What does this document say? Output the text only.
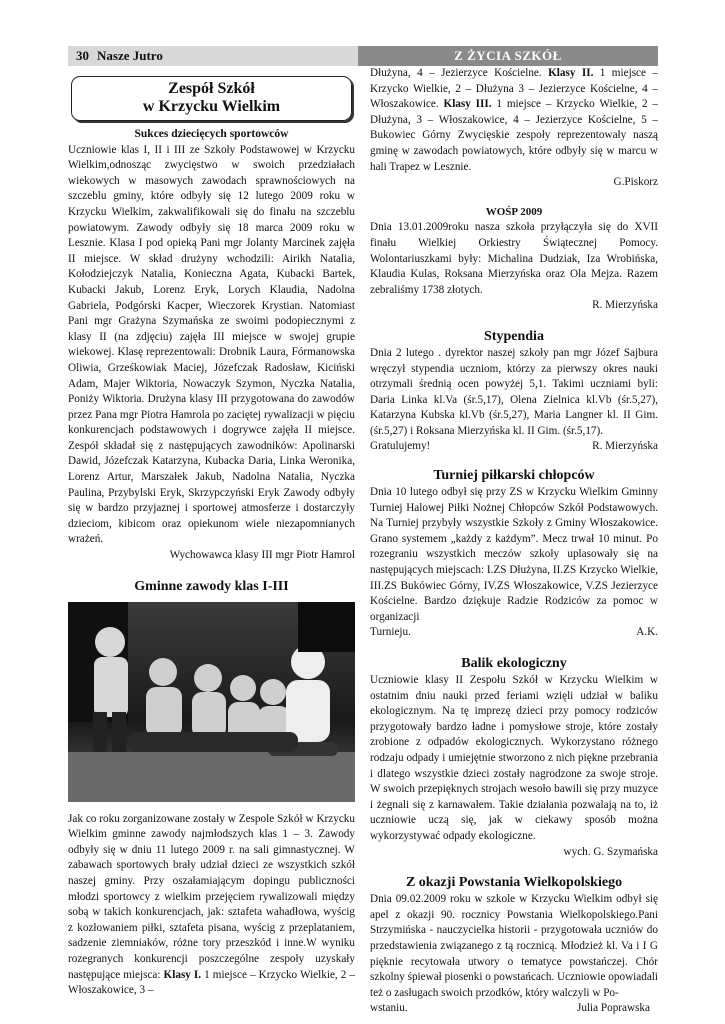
30 Nasze Jutro	Z ŻYCIA SZKÓŁ
Zespół Szkół
w Krzycku Wielkim
Sukces dziecięcych sportowców

Uczniowie klas I, II i III ze Szkoły Podstawowej w Krzycku Wielkim,odnosząc zwycięstwo w swoich przedziałach wiekowych w masowych zawodach sprawnościowych na szczeblu gminy, które odbyły się 12 lutego 2009 roku w Krzycku Wielkim, zakwalifikowali się do finału na szczeblu powiatowym. Zawody odbyły się 18 marca 2009 roku w Lesznie. Klasa I pod opieką Pani mgr Jolanty Marcinek zajęła II miejsce. W skład drużyny wchodzili: Airikh Natalia, Kołodziejczyk Natalia, Konieczna Agata, Kubacki Bartek, Kubacki Jakub, Lorenz Eryk, Lorych Klaudia, Nadolna Gabriela, Podgórski Kacper, Wieczorek Krystian. Natomiast Pani mgr Grażyna Szymańska ze swoimi podopiecznymi z klasy II (na zdjęciu) zajęła III miejsce w swojej grupie wiekowej. Klasę reprezentowali: Drobnik Laura, Fórmanowska Oliwia, Grześkowiak Maciej, Józefczak Radosław, Kiciński Adam, Majer Wiktoria, Nowaczyk Szymon, Nyczka Natalia, Poniży Wiktoria. Drużyna klasy III przygotowana do zawodów przez Pana mgr Piotra Hamrola po zaciętej rywalizacji w pięciu konkurencjach podstawowych i dogrywce zajęła II miejsce. Zespół składał się z następujących zawodników: Apolinarski Dawid, Józefczak Katarzyna, Kubacka Daria, Linka Weronika, Lorenz Artur, Marszałek Jakub, Nadolna Natalia, Nyczka Paulina, Przybylski Eryk, Skrzypczyński Eryk Zawody odbyły się w bardzo przyjaznej i sportowej atmosferze i dostarczyły dzieciom, kibicom oraz opiekunom wiele niezapomnianych wrażeń.

Wychowawca klasy III mgr Piotr Hamrol

Gminne zawody klas I-III

Jak co roku zorganizowane zostały w Zespole Szkół w Krzycku Wielkim gminne zawody najmłodszych klas 1 – 3. Zawody odbyły się w dniu 11 lutego 2009 r. na sali gimnastycznej. W zabawach sportowych brały udział dzieci ze wszystkich szkół naszej gminy. Przy oszałamiającym dopingu publiczności młodzi sportowcy z wielkim przejęciem rywalizowali między sobą w takich konkurencjach, jak: sztafeta wahadłowa, wyścig z kozłowaniem piłki, sztafeta pisana, wyścig z przeplataniem, sadzenie ziemniaków, różne tory przeszkód i inne.W wyniku rozegranych konkurencji poszczególne zespoły uzyskały następujące miejsca: Klasy I. 1 miejsce – Krzycko Wielkie, 2 – Włoszakowice, 3 –

Dłużyna, 4 – Jezierzyce Kościelne. Klasy II. 1 miejsce – Krzycko Wielkie, 2 – Dłużyna 3 – Jezierzyce Kościelne, 4 – Włoszakowice. Klasy III. 1 miejsce – Krzycko Wielkie, 2 – Dłużyna, 3 – Włoszakowice, 4 – Jezierzyce Kościelne, 5 – Bukowiec Górny Zwycięskie zespoły reprezentowały naszą gminę w zawodach powiatowych, które odbyły się w marcu w hali Trapez w Lesznie.

G.Piskorz

WOŚP 2009

Dnia 13.01.2009roku nasza szkoła przyłączyła się do XVII finału Wielkiej Orkiestry Świątecznej Pomocy. Wolontariuszkami były: Michalina Dudziak, Iza Wrobińska, Klaudia Kulas, Roksana Mierzyńska oraz Ola Mejza. Razem zebraliśmy 1738 złotych.

R. Mierzyńska

Stypendia

Dnia 2 lutego . dyrektor naszej szkoły pan mgr Józef Sajbura wręczył stypendia uczniom, którzy za pierwszy okres nauki otrzymali średnią ocen powyżej 5,1. Takimi uczniami byli: Daria Linka kl.Va (śr.5,17), Olena Zielnica kl.Vb (śr.5,27), Katarzyna Kubska kl.Vb (śr.5,27), Maria Langner kl. II Gim. (śr.5,27) i Roksana Mierzyńska kl. II Gim. (śr.5,17).

Gratulujemy!	R. Mierzyńska
Turniej piłkarski chłopców

Dnia 10 lutego odbył się przy ZS w Krzycku Wielkim Gminny Turniej Halowej Piłki Nożnej Chłopców Szkół Podstawowych. Na Turniej przybyły wszystkie Szkoły z Gminy Włoszakowice. Grano systemem „każdy z każdym”. Mecz trwał 10 minut. Po rozegraniu wszystkich meczów szkoły uplasowały się na następujących miejscach: I.ZS Dłużyna, II.ZS Krzycko Wielkie, III.ZS Bukówiec Górny, IV.ZS Włoszakowice, V.ZS Jezierzyce Kościelne. Bardzo dziękuje Radzie Rodziców za pomoc w organizacji

Turnieju.	A.K.
Balik ekologiczny

Uczniowie klasy II Zespołu Szkół w Krzycku Wielkim w ostatnim dniu nauki przed feriami wzięli udział w baliku ekologicznym. Na tę imprezę dzieci przy pomocy rodziców przygotowały bardzo ładne i pomysłowe stroje, które zostały zrobione z odpadów ekologicznych. Wykorzystano różnego rodzaju odpady i umiejętnie stworzono z nich piękne przebrania i dlatego wszystkie dzieci zostały nagrodzone za swoje stroje. W swoich przepięknych strojach wesoło bawili się przy muzyce i żegnali się z karnawałem. Takie działania pozwalają na to, iż uczniowie uczą się, jak w ciekawy sposób można wykorzystywać odpady ekologiczne.

wych. G. Szymańska

Z okazji Powstania Wielkopolskiego

Dnia 09.02.2009 roku w szkole w Krzycku Wielkim odbył się apel z okazji 90. rocznicy Powstania Wielkopolskiego.Pani Strzymińska - nauczycielka historii - przygotowała uczniów do przedstawienia związanego z tą rocznicą. Młodzież kl. Va i I G pięknie recytowała utwory o tematyce powstańczej. Chór szkolny śpiewał piosenki o powstańcach. Uczniowie opowiadali też o zasługach swoich przodków, który walczyli w Po-

wstaniu.	Julia Poprawska
